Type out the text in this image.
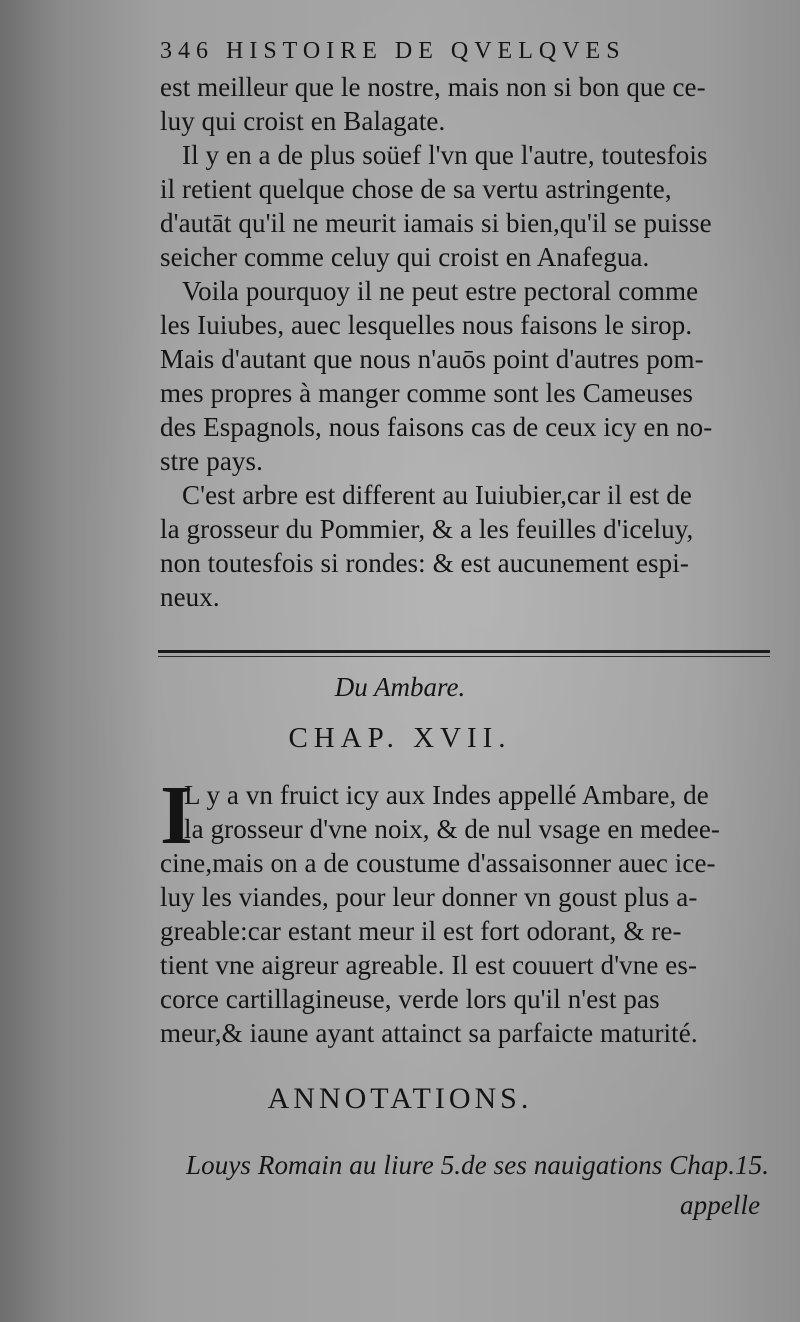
346 HISTOIRE DE QVELQVES
est meilleur que le nostre, mais non si bon que ce-
luy qui croist en Balagate.
Il y en a de plus soüef l'vn que l'autre, toutesfois
il retient quelque chose de sa vertu astringente,
d'autāt qu'il ne meurit iamais si bien,qu'il se puisse
seicher comme celuy qui croist en Anafegua.
Voila pourquoy il ne peut estre pectoral comme
les Iuiubes, auec lesquelles nous faisons le sirop.
Mais d'autant que nous n'auōs point d'autres pom-
mes propres à manger comme sont les Cameuses
des Espagnols, nous faisons cas de ceux icy en no-
stre pays.
C'est arbre est different au Iuiubier,car il est de
la grosseur du Pommier, & a les feuilles d'iceluy,
non toutesfois si rondes: & est aucunement espi-
neux.
Du Ambare.
CHAP. XVII.
I
L y a vn fruict icy aux Indes appellé Ambare, de
la grosseur d'vne noix, & de nul vsage en medee-
cine,mais on a de coustume d'assaisonner auec ice-
luy les viandes, pour leur donner vn goust plus a-
greable:car estant meur il est fort odorant, & re-
tient vne aigreur agreable. Il est couuert d'vne es-
corce cartillagineuse, verde lors qu'il n'est pas
meur,& iaune ayant attainct sa parfaicte maturité.
ANNOTATIONS.
Louys Romain au liure 5.de ses nauigations Chap.15.
appelle
